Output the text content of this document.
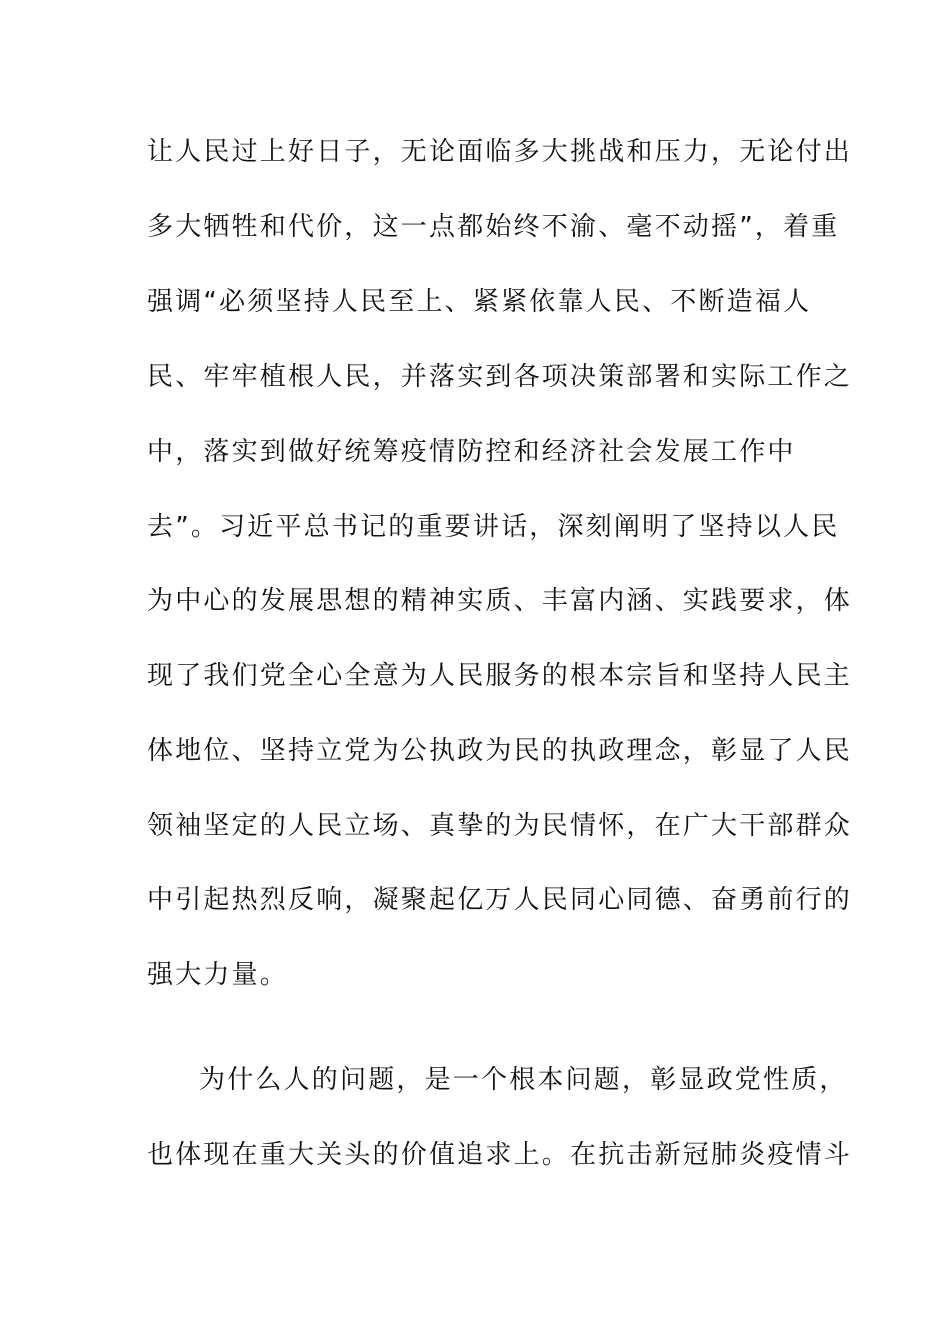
让人民过上好日子，无论面临多大挑战和压力，无论付出
多大牺牲和代价，这一点都始终不渝、毫不动摇”，着重
强调“必须坚持人民至上、紧紧依靠人民、不断造福人
民、牢牢植根人民，并落实到各项决策部署和实际工作之
中，落实到做好统筹疫情防控和经济社会发展工作中
去”。习近平总书记的重要讲话，深刻阐明了坚持以人民
为中心的发展思想的精神实质、丰富内涵、实践要求，体
现了我们党全心全意为人民服务的根本宗旨和坚持人民主
体地位、坚持立党为公执政为民的执政理念，彰显了人民
领袖坚定的人民立场、真挚的为民情怀，在广大干部群众
中引起热烈反响，凝聚起亿万人民同心同德、奋勇前行的
强大力量。
为什么人的问题，是一个根本问题，彰显政党性质，
也体现在重大关头的价值追求上。在抗击新冠肺炎疫情斗
